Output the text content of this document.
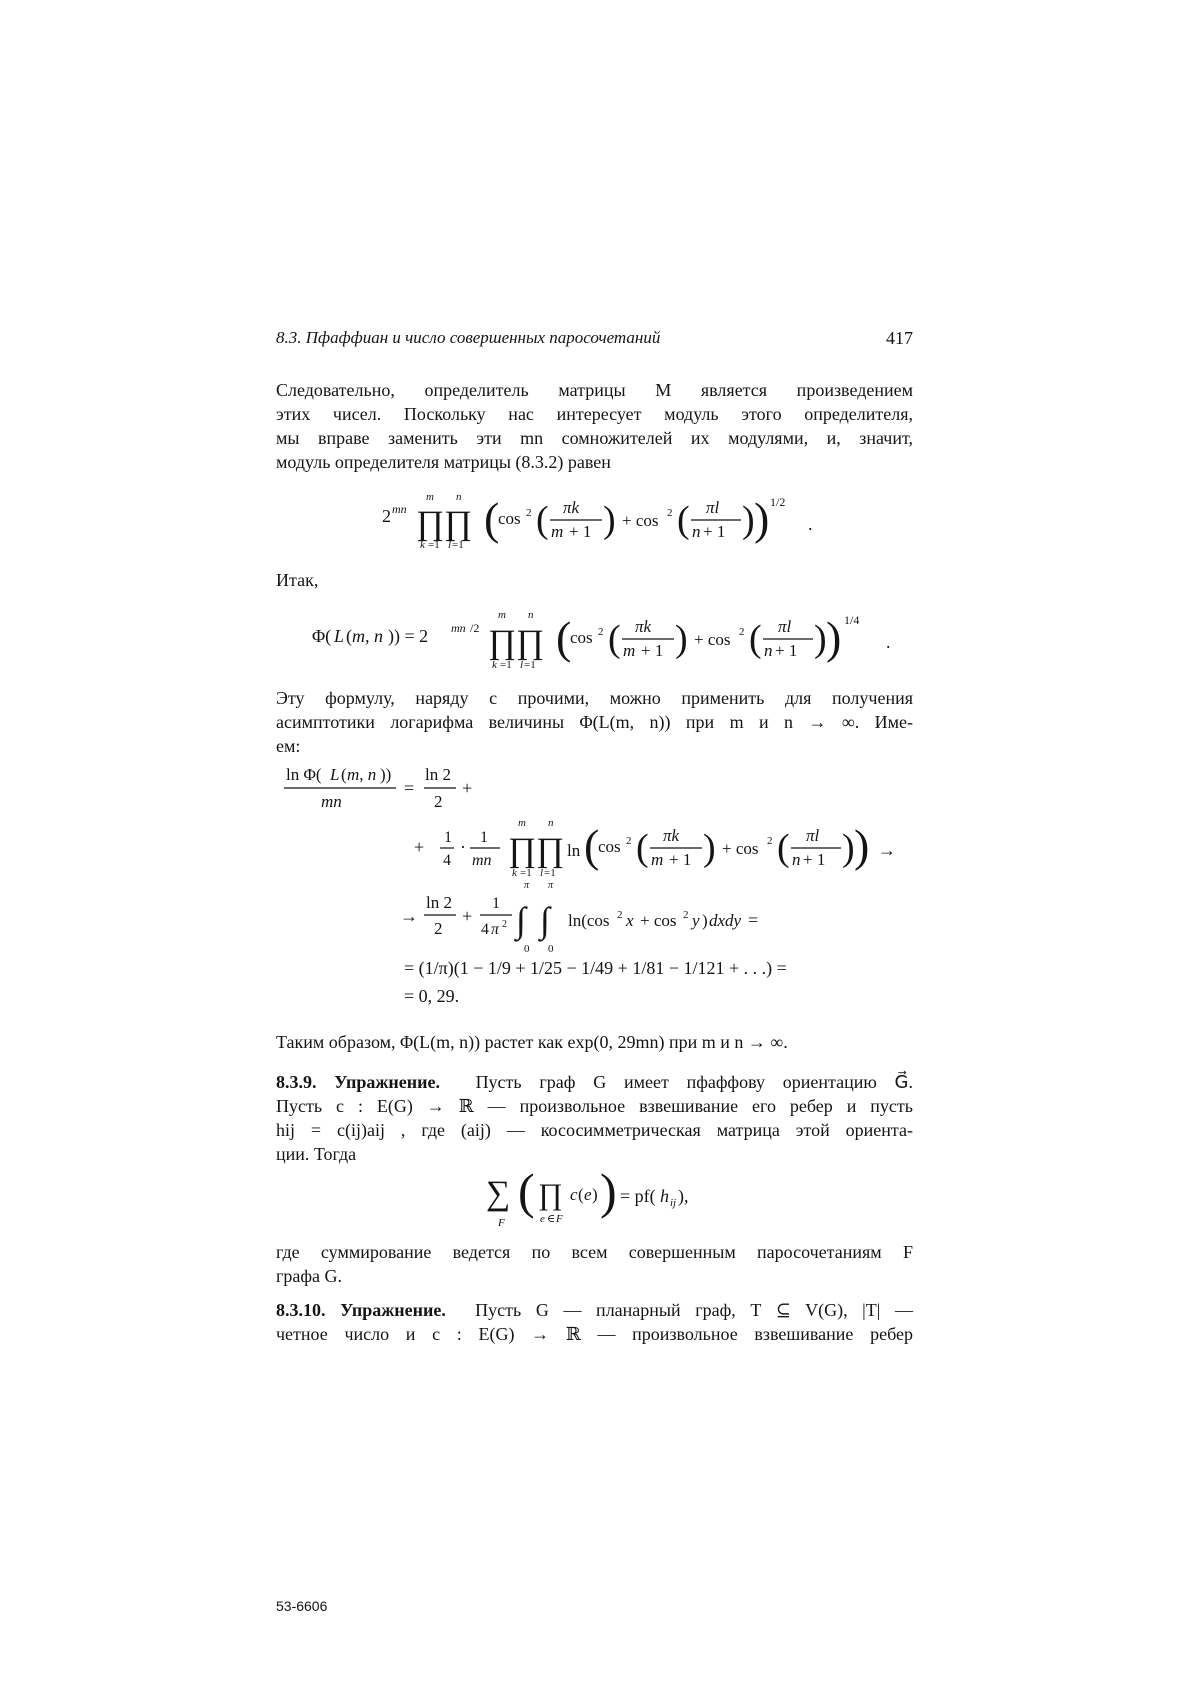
8.3. Пфаффиан и число совершенных паросочетаний	417
Следовательно, определитель матрицы M является произведением
этих чисел. Поскольку нас интересует модуль этого определителя,
мы вправе заменить эти mn сомножителей их модулями, и, значит,
модуль определителя матрицы (8.3.2) равен
2 mn
m n
∏ ∏
k =1 l =1
(
cos 2 ( πk
m + 1 ) + cos 2 ( πl
n + 1 ) ) 1/2
.
Итак,
Φ( L ( m, n )) = 2 mn /2
m n
∏ ∏
k =1 l =1
(
cos 2 ( πk
m + 1 ) + cos 2 ( πl
n + 1 ) ) 1/4
.
Эту формулу, наряду с прочими, можно применить для получения
асимптотики логарифма величины Φ(L(m, n)) при m и n → ∞. Име-
ем:
ln Φ( L ( m, n ))
mn
=
ln 2
2
+
+ 1
4
· 1
mn
m n
∏ ∏
k =1 l =1
ln (
cos 2 ( πk
m + 1 ) + cos 2 ( πl
n + 1 ) ) →
→
ln 2
2
+
1
4 π 2
π π
∫ ∫
0 0
ln(cos 2 x + cos 2 y ) dxdy =
= (1/π)(1 − 1/9 + 1/25 − 1/49 + 1/81 − 1/121 + . . .) =
= 0, 29.
Таким образом, Φ(L(m, n)) растет как exp(0, 29mn) при m и n → ∞.
8.3.9. Упражнение. Пусть граф G имеет пфаффову ориентацию G⃗.
Пусть c : E(G) → ℝ — произвольное взвешивание его ребер и пусть
hij = c(ij)aij , где (aij) — кососимметрическая матрица этой ориента-
ции. Тогда
∑
F
( ∏
e ∈ F
c ( e ) ) = pf( h ij ),
где суммирование ведется по всем совершенным паросочетаниям F
графа G.
8.3.10. Упражнение. Пусть G — планарный граф, T ⊆ V(G), |T| —
четное число и c : E(G) → ℝ — произвольное взвешивание ребер
53-6606
